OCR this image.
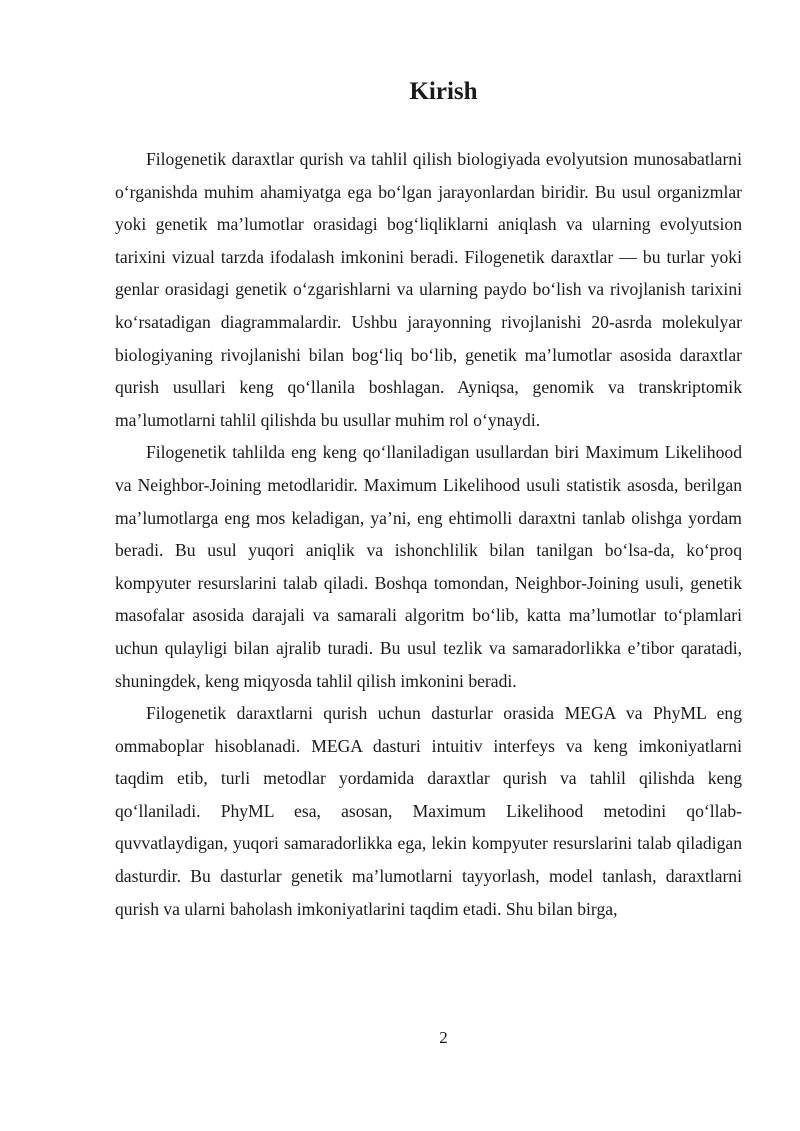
Kirish

Filogenetik daraxtlar qurish va tahlil qilish biologiyada evolyutsion munosabatlarni o‘rganishda muhim ahamiyatga ega bo‘lgan jarayonlardan biridir. Bu usul organizmlar yoki genetik ma’lumotlar orasidagi bog‘liqliklarni aniqlash va ularning evolyutsion tarixini vizual tarzda ifodalash imkonini beradi. Filogenetik daraxtlar — bu turlar yoki genlar orasidagi genetik o‘zgarishlarni va ularning paydo bo‘lish va rivojlanish tarixini ko‘rsatadigan diagrammalardir. Ushbu jarayonning rivojlanishi 20-asrda molekulyar biologiyaning rivojlanishi bilan bog‘liq bo‘lib, genetik ma’lumotlar asosida daraxtlar qurish usullari keng qo‘llanila boshlagan. Ayniqsa, genomik va transkriptomik ma’lumotlarni tahlil qilishda bu usullar muhim rol o‘ynaydi.

Filogenetik tahlilda eng keng qo‘llaniladigan usullardan biri Maximum Likelihood va Neighbor-Joining metodlaridir. Maximum Likelihood usuli statistik asosda, berilgan ma’lumotlarga eng mos keladigan, ya’ni, eng ehtimolli daraxtni tanlab olishga yordam beradi. Bu usul yuqori aniqlik va ishonchlilik bilan tanilgan bo‘lsa-da, ko‘proq kompyuter resurslarini talab qiladi. Boshqa tomondan, Neighbor-Joining usuli, genetik masofalar asosida darajali va samarali algoritm bo‘lib, katta ma’lumotlar to‘plamlari uchun qulayligi bilan ajralib turadi. Bu usul tezlik va samaradorlikka e’tibor qaratadi, shuningdek, keng miqyosda tahlil qilish imkonini beradi.

Filogenetik daraxtlarni qurish uchun dasturlar orasida MEGA va PhyML eng ommaboplar hisoblanadi. MEGA dasturi intuitiv interfeys va keng imkoniyatlarni taqdim etib, turli metodlar yordamida daraxtlar qurish va tahlil qilishda keng qo‘llaniladi. PhyML esa, asosan, Maximum Likelihood metodini qo‘llab-quvvatlaydigan, yuqori samaradorlikka ega, lekin kompyuter resurslarini talab qiladigan dasturdir. Bu dasturlar genetik ma’lumotlarni tayyorlash, model tanlash, daraxtlarni qurish va ularni baholash imkoniyatlarini taqdim etadi. Shu bilan birga,

2
